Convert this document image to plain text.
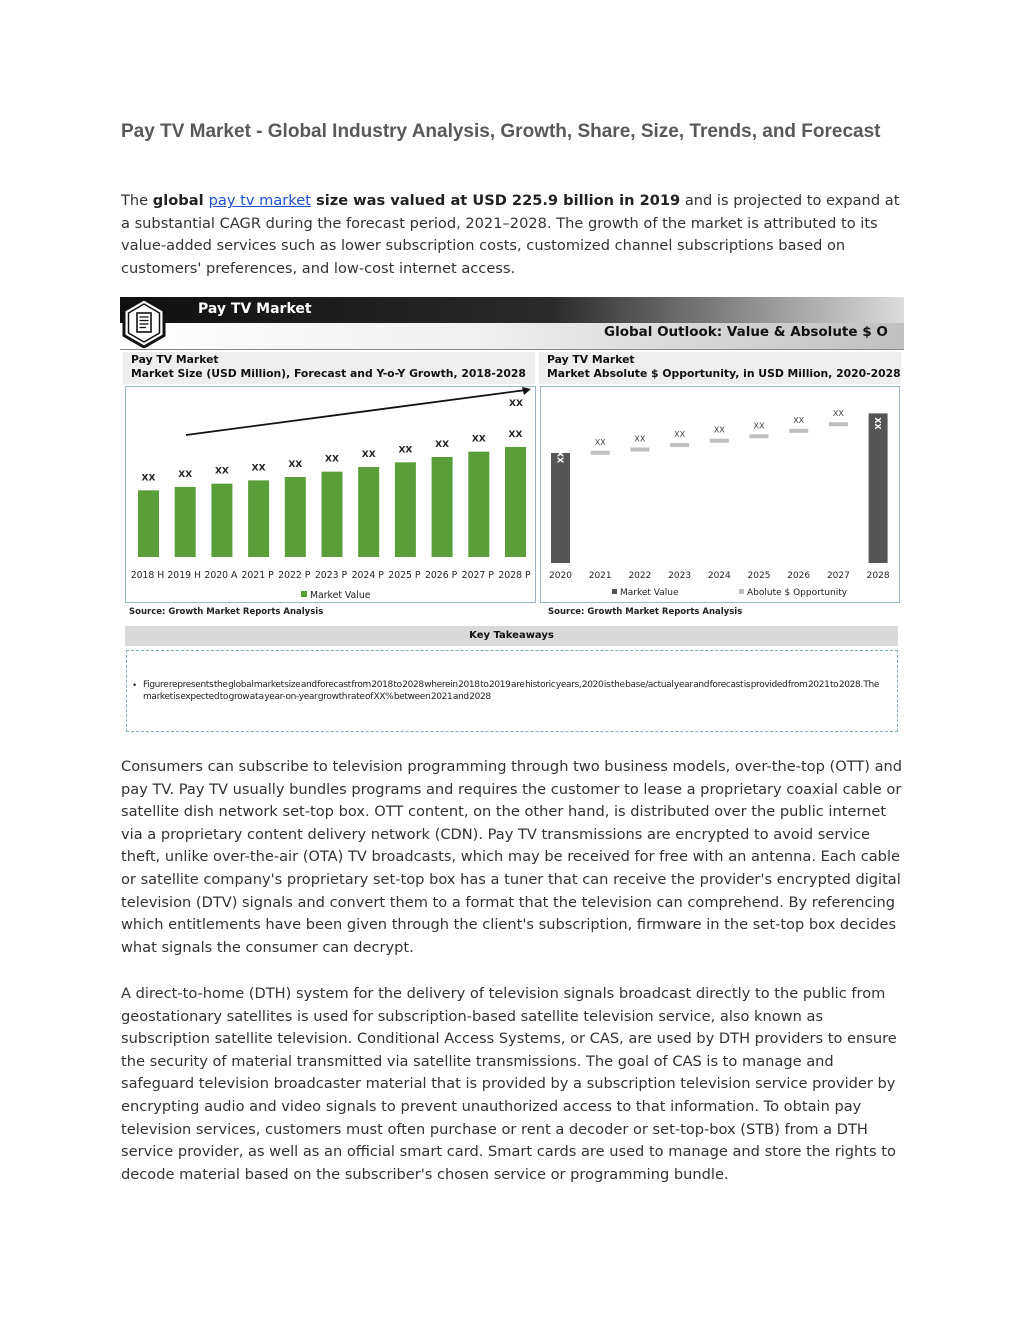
Pay TV Market - Global Industry Analysis, Growth, Share, Size, Trends, and Forecast

The global pay tv market size was valued at USD 225.9 billion in 2019 and is projected to expand at a substantial CAGR during the forecast period, 2021–2028. The growth of the market is attributed to its value-added services such as lower subscription costs, customized channel subscriptions based on customers' preferences, and low-cost internet access.

Pay TV Market
Global Outlook: Value & Absolute $ O
Pay TV Market
Market Size (USD Million), Forecast and Y-o-Y Growth, 2018-2028
Pay TV Market
Market Absolute $ Opportunity, in USD Million, 2020-2028
XX
2018 H
XX
2019 H
XX
2020 A
XX
2021 P
XX
2022 P
XX
2023 P
XX
2024 P
XX
2025 P
XX
2026 P
XX
2027 P
XX
2028 P
XX
Market Value
XX
XX	XX	XX	XX	XX
XX
XX
XX
2020 2021 2022 2023 2024 2025 2026 2027 2028
Market Value	Abolute $ Opportunity
Source: Growth Market Reports Analysis	Source: Growth Market Reports Analysis
Key Takeaways
• Figure represents the global market size and forecast from 2018 to 2028 wherein 2018 to 2019 are historic years, 2020 is the base/actual year and forecast is provided from 2021 to 2028. The market is expected to grow at a year-on-year growth rate of XX% between 2021 and 2028

Consumers can subscribe to television programming through two business models, over-the-top (OTT) and pay TV. Pay TV usually bundles programs and requires the customer to lease a proprietary coaxial cable or satellite dish network set-top box. OTT content, on the other hand, is distributed over the public internet via a proprietary content delivery network (CDN). Pay TV transmissions are encrypted to avoid service theft, unlike over-the-air (OTA) TV broadcasts, which may be received for free with an antenna. Each cable or satellite company's proprietary set-top box has a tuner that can receive the provider's encrypted digital television (DTV) signals and convert them to a format that the television can comprehend. By referencing which entitlements have been given through the client's subscription, firmware in the set-top box decides what signals the consumer can decrypt.

A direct-to-home (DTH) system for the delivery of television signals broadcast directly to the public from geostationary satellites is used for subscription-based satellite television service, also known as subscription satellite television. Conditional Access Systems, or CAS, are used by DTH providers to ensure the security of material transmitted via satellite transmissions. The goal of CAS is to manage and safeguard television broadcaster material that is provided by a subscription television service provider by encrypting audio and video signals to prevent unauthorized access to that information. To obtain pay television services, customers must often purchase or rent a decoder or set-top-box (STB) from a DTH service provider, as well as an official smart card. Smart cards are used to manage and store the rights to decode material based on the subscriber's chosen service or programming bundle.
